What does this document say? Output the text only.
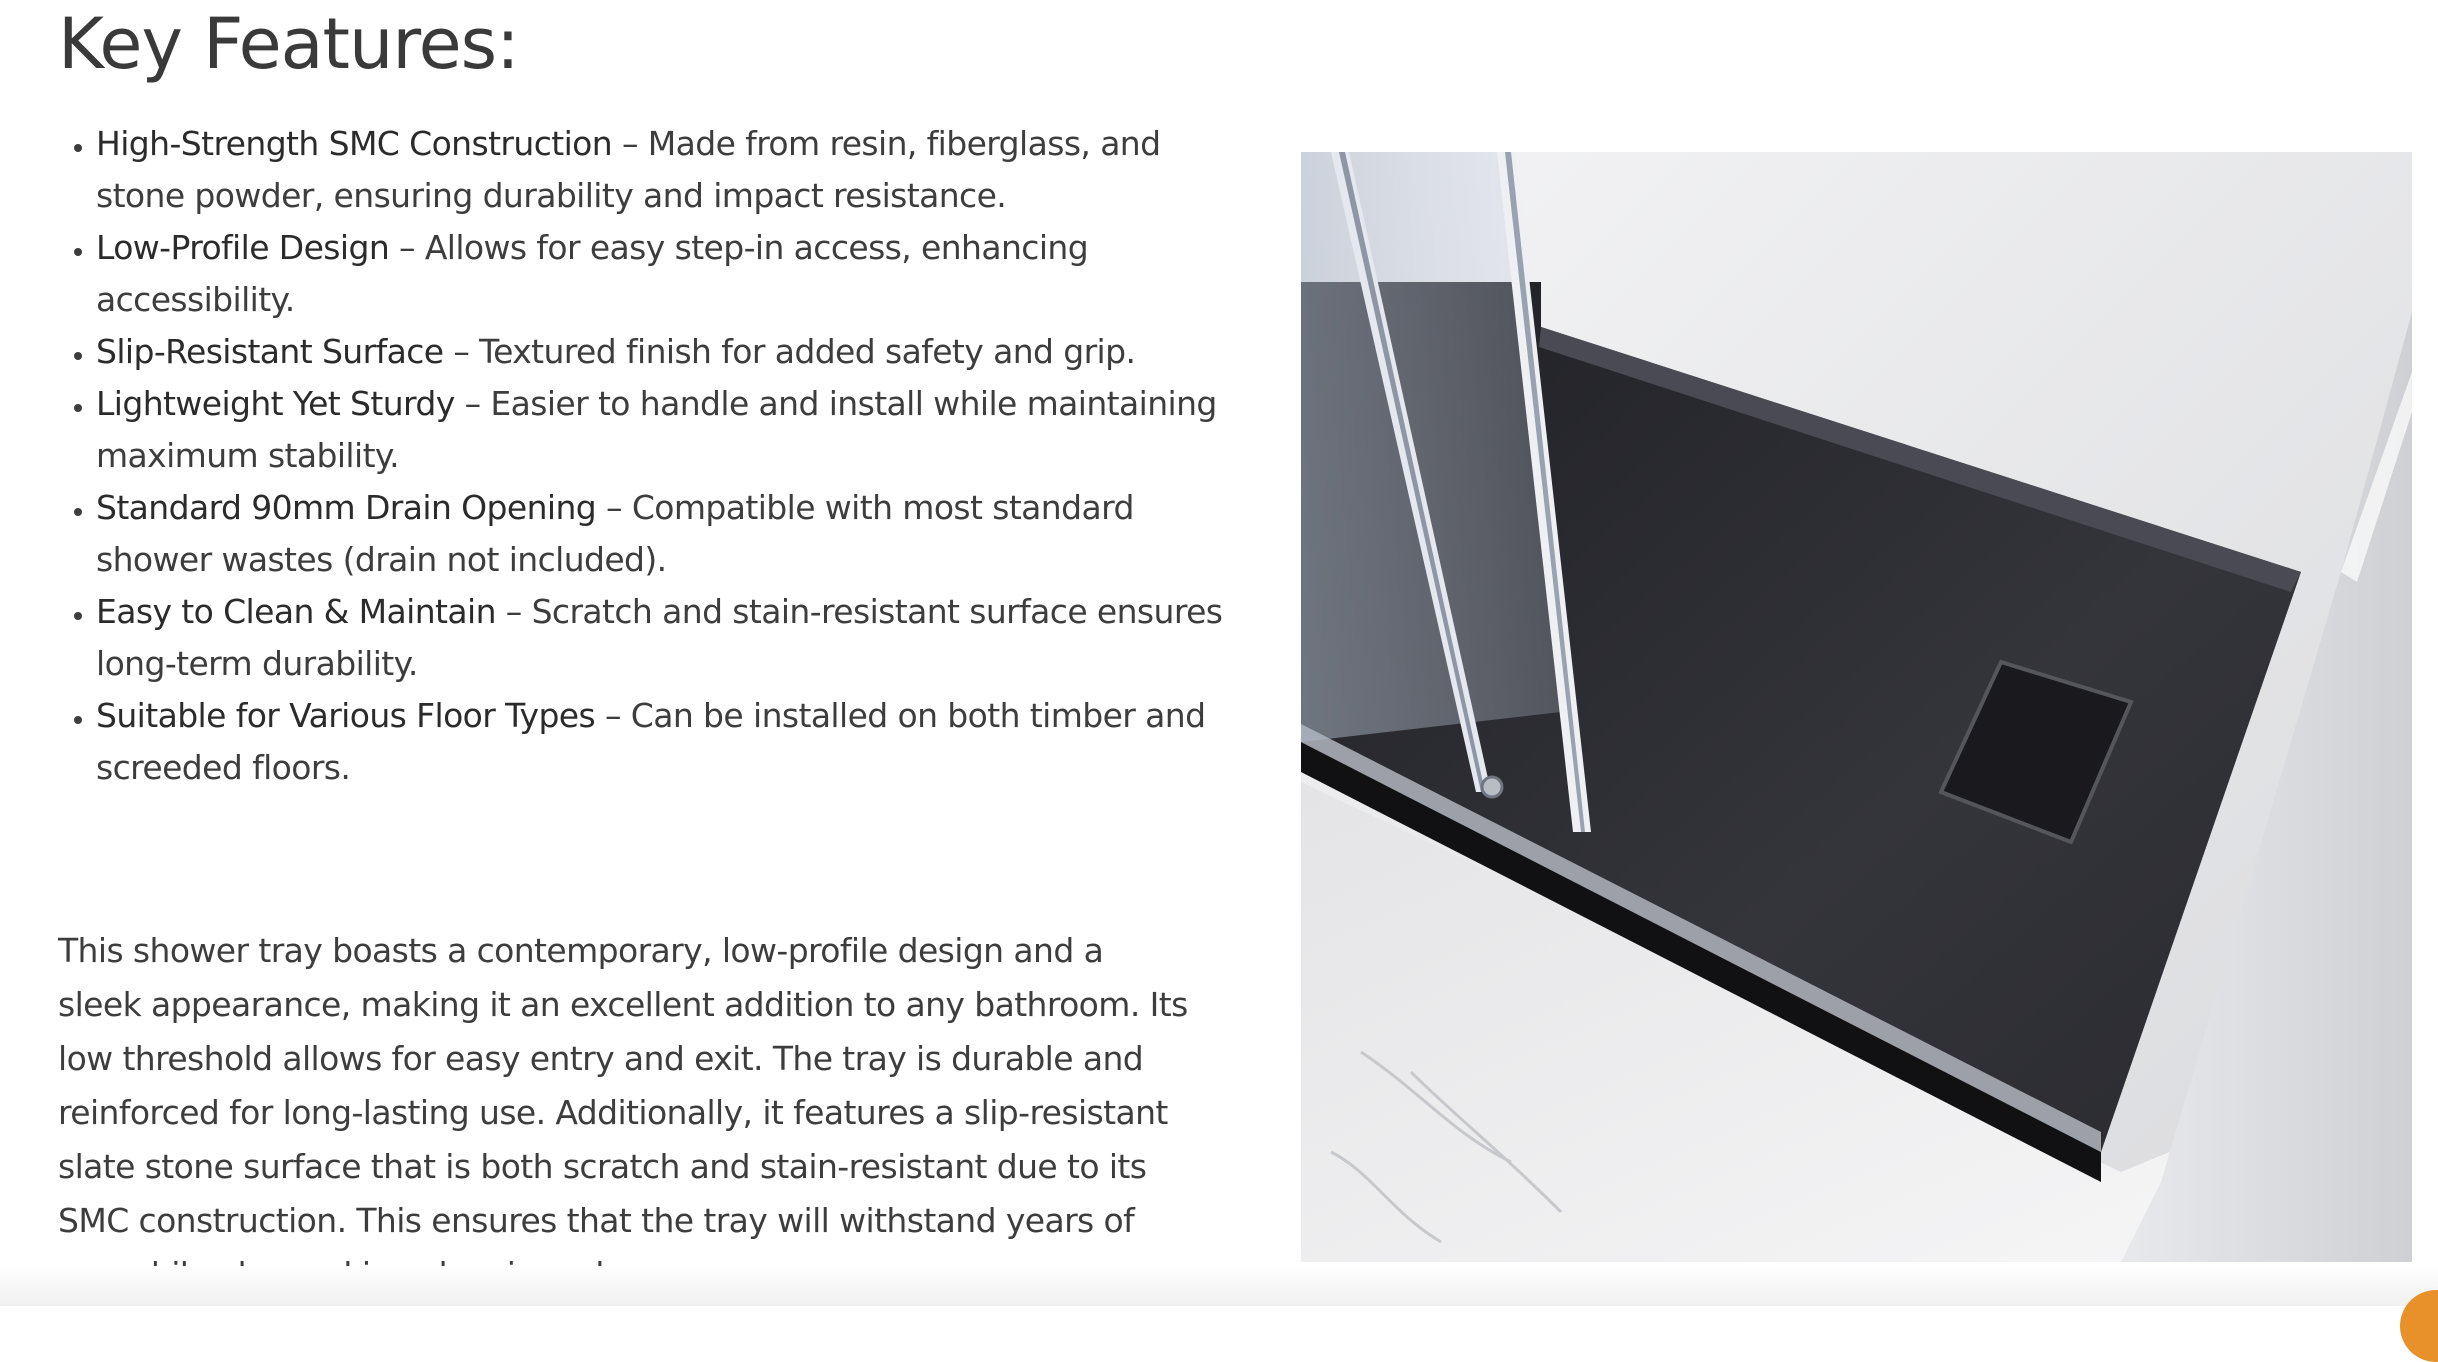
Key Features:
• High-Strength SMC Construction – Made from resin, fiberglass, and stone powder, ensuring durability and impact resistance.
• Low-Profile Design – Allows for easy step-in access, enhancing accessibility.
• Slip-Resistant Surface – Textured finish for added safety and grip.
• Lightweight Yet Sturdy – Easier to handle and install while maintaining maximum stability.
• Standard 90mm Drain Opening – Compatible with most standard shower wastes (drain not included).
• Easy to Clean & Maintain – Scratch and stain-resistant surface ensures long-term durability.
• Suitable for Various Floor Types – Can be installed on both timber and screeded floors.

This shower tray boasts a contemporary, low-profile design and a sleek appearance, making it an excellent addition to any bathroom. Its low threshold allows for easy entry and exit. The tray is durable and reinforced for long-lasting use. Additionally, it features a slip-resistant slate stone surface that is both scratch and stain-resistant due to its SMC construction. This ensures that the tray will withstand years of
